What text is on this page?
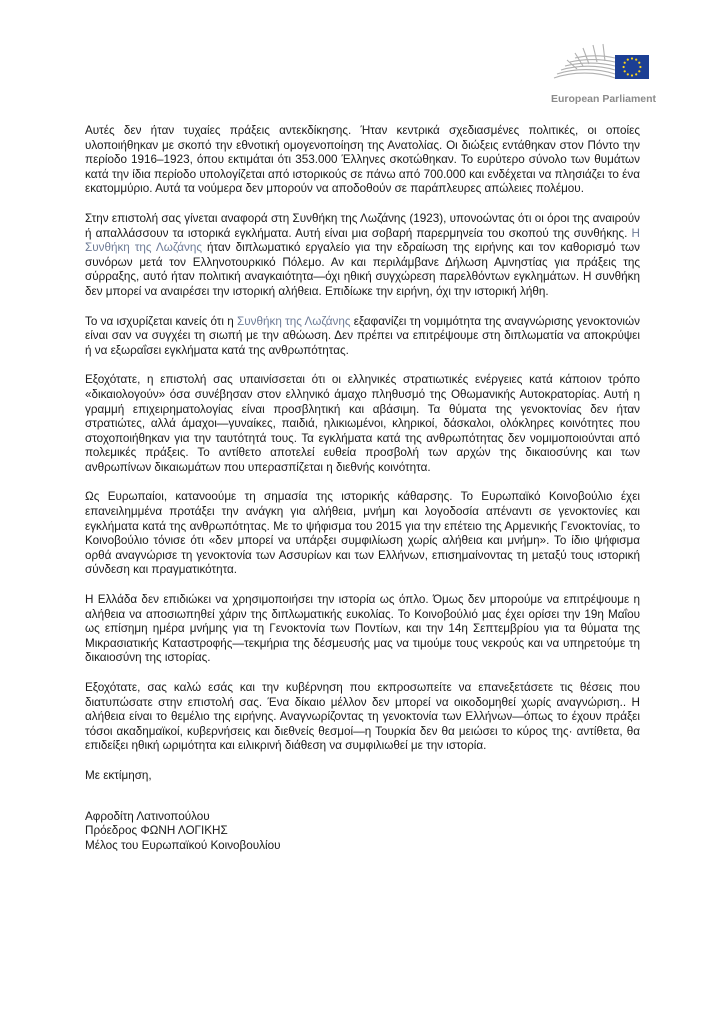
European Parliament

Αυτές δεν ήταν τυχαίες πράξεις αντεκδίκησης. Ήταν κεντρικά σχεδιασμένες πολιτικές, οι οποίες υλοποιήθηκαν με σκοπό την εθνοτική ομογενοποίηση της Ανατολίας. Οι διώξεις εντάθηκαν στον Πόντο την περίοδο 1916–1923, όπου εκτιμάται ότι 353.000 Έλληνες σκοτώθηκαν. Το ευρύτερο σύνολο των θυμάτων κατά την ίδια περίοδο υπολογίζεται από ιστορικούς σε πάνω από 700.000 και ενδέχεται να πλησιάζει το ένα εκατομμύριο. Αυτά τα νούμερα δεν μπορούν να αποδοθούν σε παράπλευρες απώλειες πολέμου.

Στην επιστολή σας γίνεται αναφορά στη Συνθήκη της Λωζάνης (1923), υπονοώντας ότι οι όροι της αναιρούν ή απαλλάσσουν τα ιστορικά εγκλήματα. Αυτή είναι μια σοβαρή παρερμηνεία του σκοπού της συνθήκης. Η Συνθήκη της Λωζάνης ήταν διπλωματικό εργαλείο για την εδραίωση της ειρήνης και τον καθορισμό των συνόρων μετά τον Ελληνοτουρκικό Πόλεμο. Αν και περιλάμβανε Δήλωση Αμνηστίας για πράξεις της σύρραξης, αυτό ήταν πολιτική αναγκαιότητα—όχι ηθική συγχώρεση παρελθόντων εγκλημάτων. Η συνθήκη δεν μπορεί να αναιρέσει την ιστορική αλήθεια. Επιδίωκε την ειρήνη, όχι την ιστορική λήθη.

Το να ισχυρίζεται κανείς ότι η Συνθήκη της Λωζάνης εξαφανίζει τη νομιμότητα της αναγνώρισης γενοκτονιών είναι σαν να συγχέει τη σιωπή με την αθώωση. Δεν πρέπει να επιτρέψουμε στη διπλωματία να αποκρύψει ή να εξωραΐσει εγκλήματα κατά της ανθρωπότητας.

Εξοχότατε, η επιστολή σας υπαινίσσεται ότι οι ελληνικές στρατιωτικές ενέργειες κατά κάποιον τρόπο «δικαιολογούν» όσα συνέβησαν στον ελληνικό άμαχο πληθυσμό της Οθωμανικής Αυτοκρατορίας. Αυτή η γραμμή επιχειρηματολογίας είναι προσβλητική και αβάσιμη. Τα θύματα της γενοκτονίας δεν ήταν στρατιώτες, αλλά άμαχοι—γυναίκες, παιδιά, ηλικιωμένοι, κληρικοί, δάσκαλοι, ολόκληρες κοινότητες που στοχοποιήθηκαν για την ταυτότητά τους. Τα εγκλήματα κατά της ανθρωπότητας δεν νομιμοποιούνται από πολεμικές πράξεις. Το αντίθετο αποτελεί ευθεία προσβολή των αρχών της δικαιοσύνης και των ανθρωπίνων δικαιωμάτων που υπερασπίζεται η διεθνής κοινότητα.

Ως Ευρωπαίοι, κατανοούμε τη σημασία της ιστορικής κάθαρσης. Το Ευρωπαϊκό Κοινοβούλιο έχει επανειλημμένα προτάξει την ανάγκη για αλήθεια, μνήμη και λογοδοσία απέναντι σε γενοκτονίες και εγκλήματα κατά της ανθρωπότητας. Με το ψήφισμα του 2015 για την επέτειο της Αρμενικής Γενοκτονίας, το Κοινοβούλιο τόνισε ότι «δεν μπορεί να υπάρξει συμφιλίωση χωρίς αλήθεια και μνήμη». Το ίδιο ψήφισμα ορθά αναγνώρισε τη γενοκτονία των Ασσυρίων και των Ελλήνων, επισημαίνοντας τη μεταξύ τους ιστορική σύνδεση και πραγματικότητα.

Η Ελλάδα δεν επιδιώκει να χρησιμοποιήσει την ιστορία ως όπλο. Όμως δεν μπορούμε να επιτρέψουμε η αλήθεια να αποσιωπηθεί χάριν της διπλωματικής ευκολίας. Το Κοινοβούλιό μας έχει ορίσει την 19η Μαΐου ως επίσημη ημέρα μνήμης για τη Γενοκτονία των Ποντίων, και την 14η Σεπτεμβρίου για τα θύματα της Μικρασιατικής Καταστροφής—τεκμήρια της δέσμευσής μας να τιμούμε τους νεκρούς και να υπηρετούμε τη δικαιοσύνη της ιστορίας.

Εξοχότατε, σας καλώ εσάς και την κυβέρνηση που εκπροσωπείτε να επανεξετάσετε τις θέσεις που διατυπώσατε στην επιστολή σας. Ένα δίκαιο μέλλον δεν μπορεί να οικοδομηθεί χωρίς αναγνώριση.. Η αλήθεια είναι το θεμέλιο της ειρήνης. Αναγνωρίζοντας τη γενοκτονία των Ελλήνων—όπως το έχουν πράξει τόσοι ακαδημαϊκοί, κυβερνήσεις και διεθνείς θεσμοί—η Τουρκία δεν θα μειώσει το κύρος της· αντίθετα, θα επιδείξει ηθική ωριμότητα και ειλικρινή διάθεση να συμφιλιωθεί με την ιστορία.

Με εκτίμηση,
Αφροδίτη Λατινοπούλου
Πρόεδρος ΦΩΝΗ ΛΟΓΙΚΗΣ
Μέλος του Ευρωπαϊκού Κοινοβουλίου
